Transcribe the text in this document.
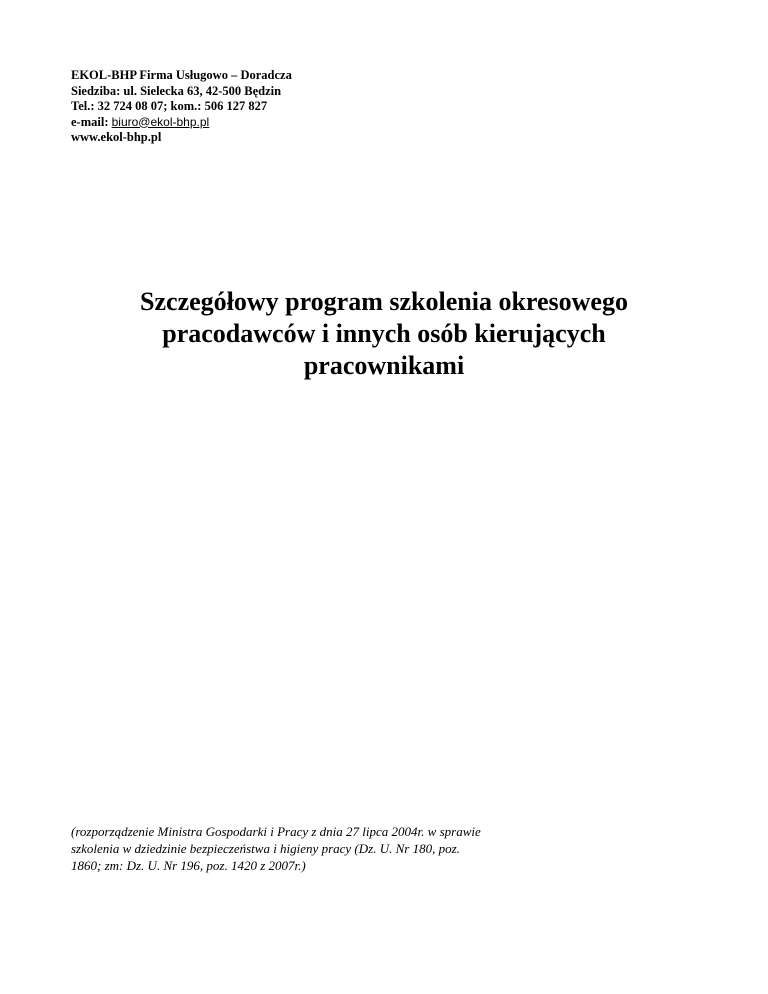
EKOL-BHP Firma Usługowo – Doradcza
Siedziba: ul. Sielecka 63, 42-500 Będzin
Tel.: 32 724 08 07; kom.: 506 127 827
e-mail: biuro@ekol-bhp.pl
www.ekol-bhp.pl
Szczegółowy program szkolenia okresowego
pracodawców i innych osób kierujących
pracownikami
(rozporządzenie Ministra Gospodarki i Pracy z dnia 27 lipca 2004r. w sprawie
szkolenia w dziedzinie bezpieczeństwa i higieny pracy (Dz. U. Nr 180, poz.
1860; zm: Dz. U. Nr 196, poz. 1420 z 2007r.)
